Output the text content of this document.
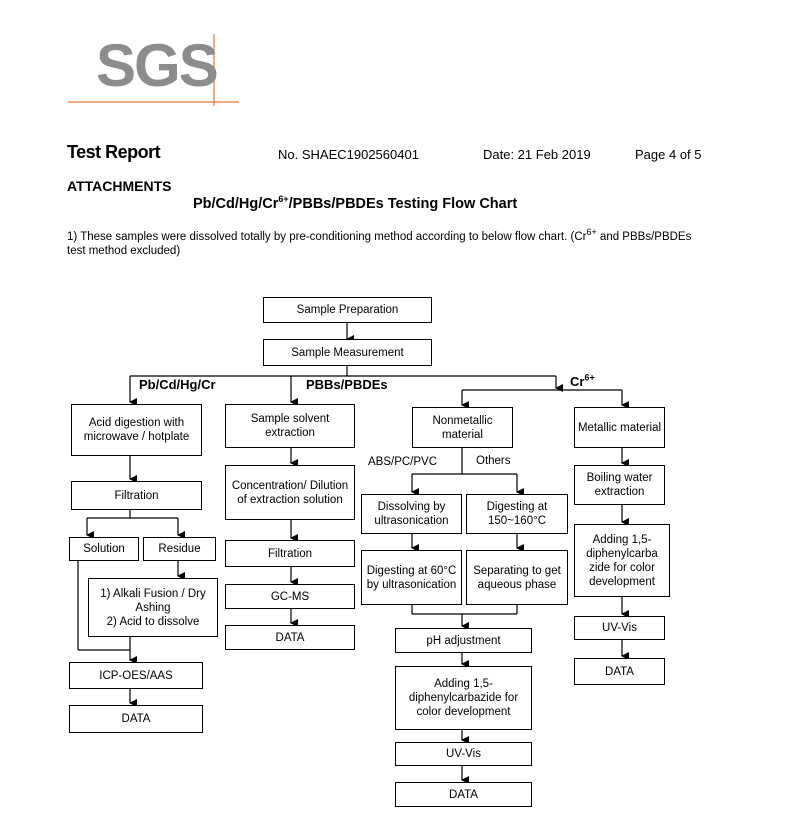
SGS
Test Report	No. SHAEC1902560401	Date: 21 Feb 2019	Page 4 of 5
ATTACHMENTS
$Pb/Cd/Hg/Cr^{6+}/PBBs$/PBDEs Testing Flow Chart
1) These samples were dissolved totally by pre-conditioning method according to below flow chart. ($Cr^{6+}$ and PBBs/PBDEs test method excluded)
Sample Preparation
Sample Measurement
Pb/Cd/Hg/Cr	PBBs/PBDEs	$Cr^{6+}$
Acid digestion with microwave / hotplate
Filtration
Solution	Residue
1) Alkali Fusion / Dry Ashing
2) Acid to dissolve
ICP-OES/AAS
DATA
Sample solvent extraction
Concentration/ Dilution of extraction solution
Filtration
GC-MS
DATA
Nonmetallic material
ABS/PC/PVC	Others
Dissolving by ultrasonication
Digesting at 150~160°C
Digesting at 60°C by ultrasonication
Separating to get aqueous phase
pH adjustment
Adding 1,5-diphenylcarbazide for color development
UV-Vis
DATA
Metallic material
Boiling water extraction
Adding 1,5-diphenylcarba zide for color development
UV-Vis
DATA
